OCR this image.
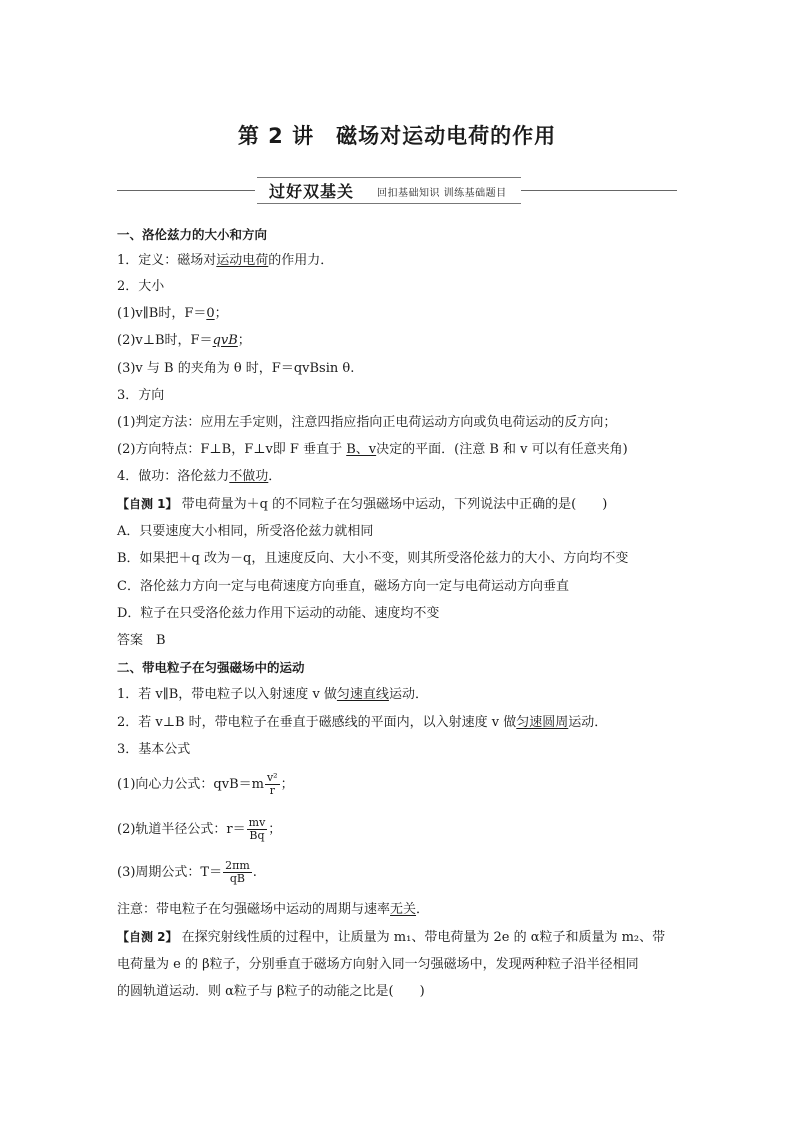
第 2 讲　磁场对运动电荷的作用
过好双基关 回扣基础知识 训练基础题目
一、洛伦兹力的大小和方向
1．定义：磁场对运动电荷的作用力．
2．大小
(1)v∥B时，F＝0；
(2)v⊥B时，F＝qvB；
(3)v 与 B 的夹角为 θ 时，F＝qvBsin θ.
3．方向
(1)判定方法：应用左手定则，注意四指应指向正电荷运动方向或负电荷运动的反方向；
(2)方向特点：F⊥B，F⊥v即 F 垂直于 B、v决定的平面．(注意 B 和 v 可以有任意夹角)
4．做功：洛伦兹力不做功．
【自测 1】 带电荷量为＋q 的不同粒子在匀强磁场中运动，下列说法中正确的是(　　)
A．只要速度大小相同，所受洛伦兹力就相同
B．如果把＋q 改为－q，且速度反向、大小不变，则其所受洛伦兹力的大小、方向均不变
C．洛伦兹力方向一定与电荷速度方向垂直，磁场方向一定与电荷运动方向垂直
D．粒子在只受洛伦兹力作用下运动的动能、速度均不变
答案　B
二、带电粒子在匀强磁场中的运动
1．若 v∥B，带电粒子以入射速度 v 做匀速直线运动．
2．若 v⊥B 时，带电粒子在垂直于磁感线的平面内，以入射速度 v 做匀速圆周运动．
3．基本公式
(1)向心力公式：$qvB=m \frac{\text{v²}}{r}$ ；
(2)轨道半径公式：$r= \frac{mv}{Bq}$ ；
(3)周期公式：$T= \frac{2\pi m}{qB}$ .
注意：带电粒子在匀强磁场中运动的周期与速率无关．
【自测 2】 在探究射线性质的过程中，让质量为 m₁、带电荷量为 2e 的 α粒子和质量为 m₂、带
电荷量为 e 的 β粒子，分别垂直于磁场方向射入同一匀强磁场中，发现两种粒子沿半径相同
的圆轨道运动．则 α粒子与 β粒子的动能之比是(　　)
